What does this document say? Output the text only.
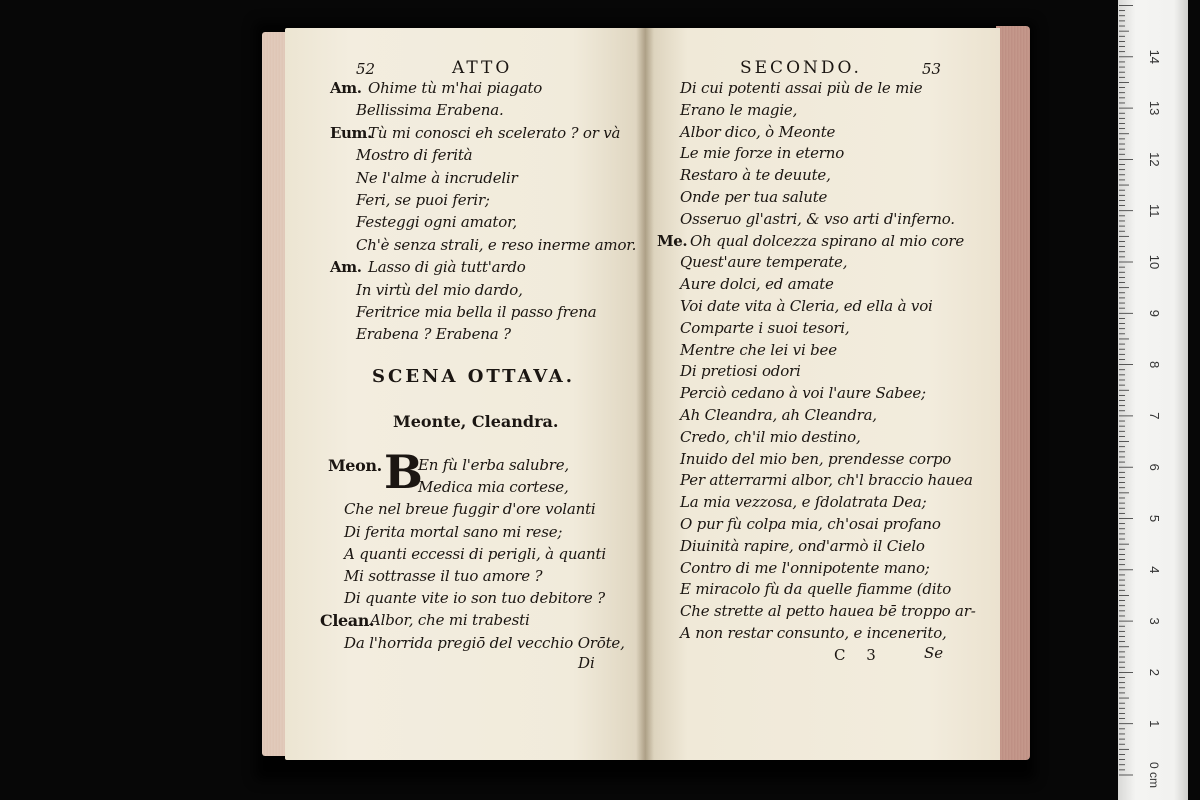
52	ATTO
Am. Ohime tù m'hai piagato
Bellissima Erabena.
Eum.
Tù mi conosci eh scelerato ? or và
Mostro di ferità
Ne l'alme à incrudelir
Feri, se puoi ferir;
Festeggi ogni amator,
Ch'è senza strali, e reso inerme amor.
Am. Lasso di già tutt'ardo
In virtù del mio dardo,
Feritrice mia bella il passo frena
Erabena ? Erabena ?
SCENA OTTAVA.
Meonte, Cleandra.
Meon. B
En fù l'erba salubre,
Medica mia cortese,
Che nel breue fuggir d'ore volanti
Di ferita mortal sano mi rese;
A quanti eccessi di perigli, à quanti
Mi sottrasse il tuo amore ?
Di quante vite io son tuo debitore ?
Clean.
Albor, che mi trabesti
Da l'horrida pregiō del vecchio Orōte,
Di
SECONDO.	53
Di cui potenti assai più de le mie
Erano le magie,
Albor dico, ò Meonte
Le mie forze in eterno
Restaro à te deuute,
Onde per tua salute
Osseruo gl'astri, & vso arti d'inferno.
Me. Oh qual dolcezza spirano al mio core
Quest'aure temperate,
Aure dolci, ed amate
Voi date vita à Cleria, ed ella à voi
Comparte i suoi tesori,
Mentre che lei vi bee
Di pretiosi odori
Perciò cedano à voi l'aure Sabee;
Ah Cleandra, ah Cleandra,
Credo, ch'il mio destino,
Inuido del mio ben, prendesse corpo
Per atterrarmi albor, ch'l braccio haueа
La mia vezzosa, e ſdolatrata Dea;
O pur fù colpa mia, ch'osai profano
Diuinità rapire, ond'armò il Cielo
Contro di me l'onnipotente mano;
E miracolo fù da quelle fiamme (dito
Che strette al petto hauea bē troppo ar-
A non restar consunto, e incenerito,
C 3	Se
1
2
3
4
5
6
7
8
9
10
11
12
13
14
0 cm
